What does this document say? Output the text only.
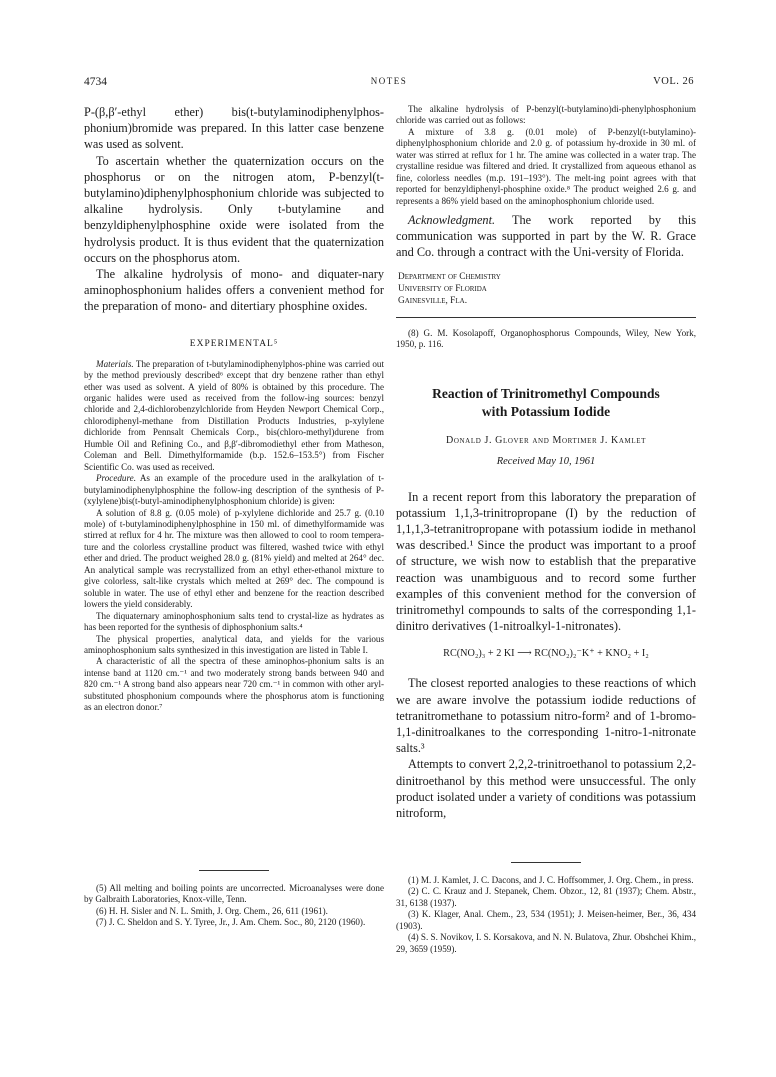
4734	NOTES	VOL. 26

P-(β,β′-ethyl ether) bis(t-butylaminodiphenylphos-phonium)bromide was prepared. In this latter case benzene was used as solvent.

To ascertain whether the quaternization occurs on the phosphorus or on the nitrogen atom, P-benzyl(t-butylamino)diphenylphosphonium chloride was subjected to alkaline hydrolysis. Only t-butylamine and benzyldiphenylphosphine oxide were isolated from the hydrolysis product. It is thus evident that the quaternization occurs on the phosphorus atom.

The alkaline hydrolysis of mono- and diquater-nary aminophosphonium halides offers a convenient method for the preparation of mono- and ditertiary phosphine oxides.

EXPERIMENTAL⁵

Materials. The preparation of t-butylaminodiphenylphos-phine was carried out by the method previously described⁶ except that dry benzene rather than ethyl ether was used as solvent. A yield of 80% is obtained by this procedure. The organic halides were used as received from the follow-ing sources: benzyl chloride and 2,4-dichlorobenzylchloride from Heyden Newport Chemical Corp., chlorodiphenyl-methane from Distillation Products Industries, p-xylylene dichloride from Pennsalt Chemicals Corp., bis(chloro-methyl)durene from Humble Oil and Refining Co., and β,β′-dibromodiethyl ether from Matheson, Coleman and Bell. Dimethylformamide (b.p. 152.6–153.5°) from Fischer Scientific Co. was used as received.

Procedure. As an example of the procedure used in the aralkylation of t-butylaminodiphenylphosphine the follow-ing description of the synthesis of P-(xylylene)bis(t-butyl-aminodiphenylphosphonium chloride) is given:

A solution of 8.8 g. (0.05 mole) of p-xylylene dichloride and 25.7 g. (0.10 mole) of t-butylaminodiphenylphosphine in 150 ml. of dimethylformamide was stirred at reflux for 4 hr. The mixture was then allowed to cool to room tempera-ture and the colorless crystalline product was filtered, washed twice with ethyl ether and dried. The product weighed 28.0 g. (81% yield) and melted at 264° dec. An analytical sample was recrystallized from an ethyl ether-ethanol mixture to give colorless, salt-like crystals which melted at 269° dec. The compound is soluble in water. The use of ethyl ether and benzene for the reaction described lowers the yield considerably.

The diquaternary aminophosphonium salts tend to crystal-lize as hydrates as has been reported for the synthesis of diphosphonium salts.⁴

The physical properties, analytical data, and yields for the various aminophosphonium salts synthesized in this investigation are listed in Table I.

A characteristic of all the spectra of these aminophos-phonium salts is an intense band at 1120 cm.⁻¹ and two moderately strong bands between 940 and 820 cm.⁻¹ A strong band also appears near 720 cm.⁻¹ in common with other aryl-substituted phosphonium compounds where the phosphorus atom is functioning as an electron donor.⁷

(5) All melting and boiling points are uncorrected. Microanalyses were done by Galbraith Laboratories, Knox-ville, Tenn.

(6) H. H. Sisler and N. L. Smith, J. Org. Chem., 26, 611 (1961).

(7) J. C. Sheldon and S. Y. Tyree, Jr., J. Am. Chem. Soc., 80, 2120 (1960).

The alkaline hydrolysis of P-benzyl(t-butylamino)di-phenylphosphonium chloride was carried out as follows:

A mixture of 3.8 g. (0.01 mole) of P-benzyl(t-butylamino)-diphenylphosphonium chloride and 2.0 g. of potassium hy-droxide in 30 ml. of water was stirred at reflux for 1 hr. The amine was collected in a water trap. The crystalline residue was filtered and dried. It crystallized from aqueous ethanol as fine, colorless needles (m.p. 191–193°). The melt-ing point agrees with that reported for benzyldiphenyl-phosphine oxide.⁸ The product weighed 2.6 g. and represents a 86% yield based on the aminophosphonium chloride used.

Acknowledgment. The work reported by this communication was supported in part by the W. R. Grace and Co. through a contract with the Uni-versity of Florida.

Department of Chemistry
University of Florida
Gainesville, Fla.

(8) G. M. Kosolapoff, Organophosphorus Compounds, Wiley, New York, 1950, p. 116.

Reaction of Trinitromethyl Compounds
with Potassium Iodide
Donald J. Glover and Mortimer J. Kamlet
Received May 10, 1961

In a recent report from this laboratory the preparation of potassium 1,1,3-trinitropropane (I) by the reduction of 1,1,1,3-tetranitropropane with potassium iodide in methanol was described.¹ Since the product was important to a proof of structure, we wish now to establish that the preparative reaction was unambiguous and to record some further examples of this convenient method for the conversion of trinitromethyl compounds to salts of the corresponding 1,1-dinitro derivatives (1-nitroalkyl-1-nitronates).

RC(NO₂)₃ + 2 KI ⟶ RC(NO₂)₂⁻K⁺ + KNO₂ + I₂

The closest reported analogies to these reactions of which we are aware involve the potassium iodide reductions of tetranitromethane to potassium nitro-form² and of 1-bromo-1,1-dinitroalkanes to the corresponding 1-nitro-1-nitronate salts.³

Attempts to convert 2,2,2-trinitroethanol to potassium 2,2-dinitroethanol by this method were unsuccessful. The only product isolated under a variety of conditions was potassium nitroform,

(1) M. J. Kamlet, J. C. Dacons, and J. C. Hoffsommer, J. Org. Chem., in press.

(2) C. C. Krauz and J. Stepanek, Chem. Obzor., 12, 81 (1937); Chem. Abstr., 31, 6138 (1937).

(3) K. Klager, Anal. Chem., 23, 534 (1951); J. Meisen-heimer, Ber., 36, 434 (1903).

(4) S. S. Novikov, I. S. Korsakova, and N. N. Bulatova, Zhur. Obshchei Khim., 29, 3659 (1959).
